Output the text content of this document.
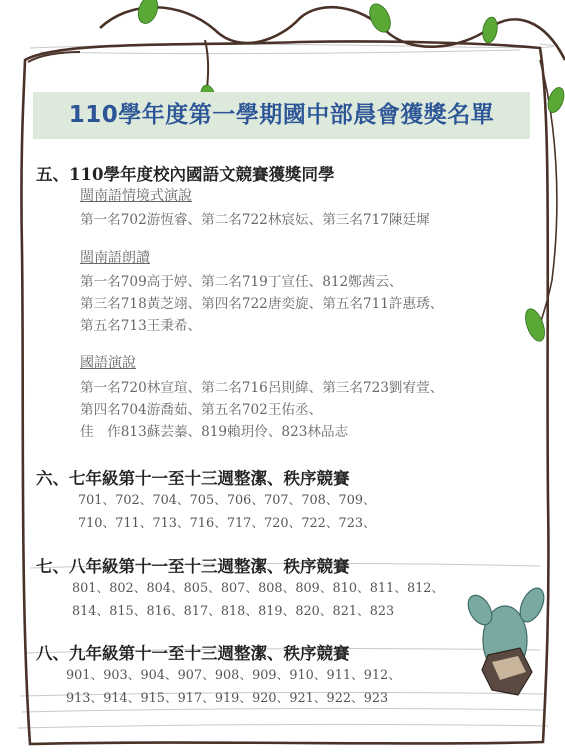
110學年度第一學期國中部晨會獲獎名單
五、110學年度校內國語文競賽獲獎同學
閩南語情境式演說
第一名702游恆睿、第二名722林宸妘、第三名717陳廷墀
閩南語朗讀
第一名709高于婷、第二名719丁宣任、812鄭茜云、
第三名718黃芝翊、第四名722唐奕旋、第五名711許惠琇、
第五名713王秉希、
國語演說
第一名720林宣瑄、第二名716呂則緯、第三名723劉宥萱、
第四名704游喬茹、第五名702王佑丞、
佳　作813蘇芸蓁、819賴玥伶、823林品志
六、七年級第十一至十三週整潔、秩序競賽
701、702、704、705、706、707、708、709、
710、711、713、716、717、720、722、723、
七、八年級第十一至十三週整潔、秩序競賽
801、802、804、805、807、808、809、810、811、812、
814、815、816、817、818、819、820、821、823
八、九年級第十一至十三週整潔、秩序競賽
901、903、904、907、908、909、910、911、912、
913、914、915、917、919、920、921、922、923
